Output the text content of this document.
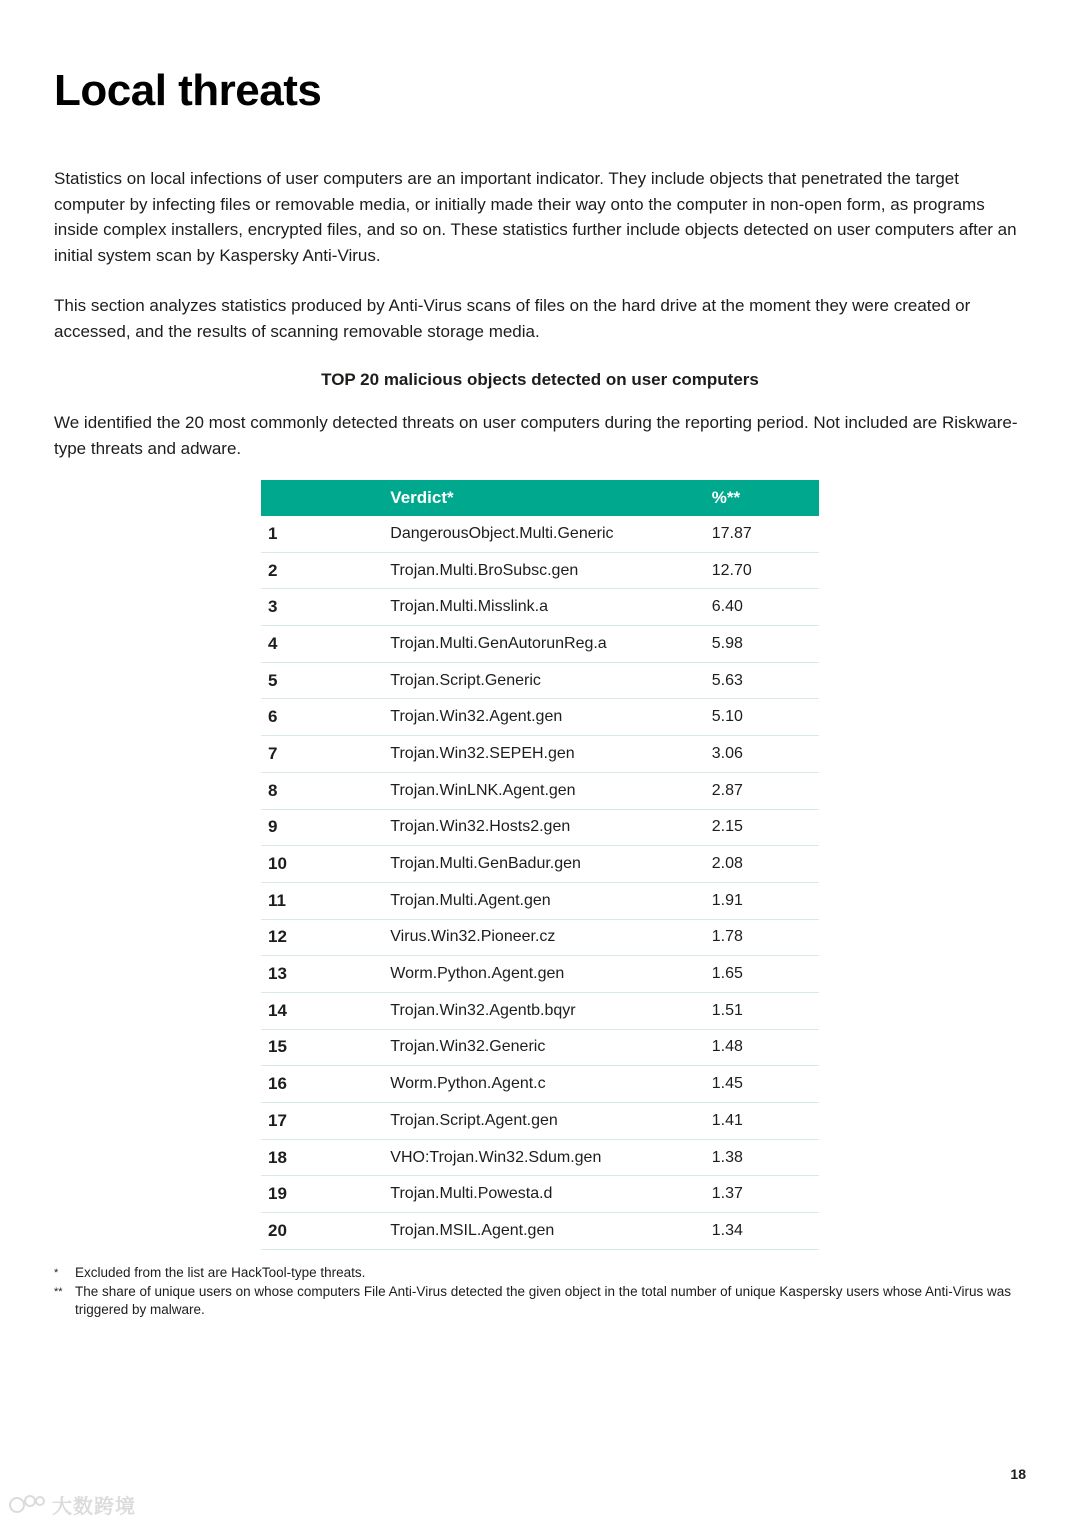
Local threats

Statistics on local infections of user computers are an important indicator. They include objects that penetrated the target computer by infecting files or removable media, or initially made their way onto the computer in non-open form, as programs inside complex installers, encrypted files, and so on. These statistics further include objects detected on user computers after an initial system scan by Kaspersky Anti-Virus.

This section analyzes statistics produced by Anti-Virus scans of files on the hard drive at the moment they were created or accessed, and the results of scanning removable storage media.

TOP 20 malicious objects detected on user computers

We identified the 20 most commonly detected threats on user computers during the reporting period. Not included are Riskware-type threats and adware.

	Verdict*	%**
1	DangerousObject.Multi.Generic	17.87
2	Trojan.Multi.BroSubsc.gen	12.70
3	Trojan.Multi.Misslink.a	6.40
4	Trojan.Multi.GenAutorunReg.a	5.98
5	Trojan.Script.Generic	5.63
6	Trojan.Win32.Agent.gen	5.10
7	Trojan.Win32.SEPEH.gen	3.06
8	Trojan.WinLNK.Agent.gen	2.87
9	Trojan.Win32.Hosts2.gen	2.15
10	Trojan.Multi.GenBadur.gen	2.08
11	Trojan.Multi.Agent.gen	1.91
12	Virus.Win32.Pioneer.cz	1.78
13	Worm.Python.Agent.gen	1.65
14	Trojan.Win32.Agentb.bqyr	1.51
15	Trojan.Win32.Generic	1.48
16	Worm.Python.Agent.c	1.45
17	Trojan.Script.Agent.gen	1.41
18	VHO:Trojan.Win32.Sdum.gen	1.38
19	Trojan.Multi.Powesta.d	1.37
20	Trojan.MSIL.Agent.gen	1.34
*	Excluded from the list are HackTool-type threats.
** The share of unique users on whose computers File Anti-Virus detected the given object in the total number of unique Kaspersky users whose Anti-Virus was triggered by malware.
18
大数跨境
